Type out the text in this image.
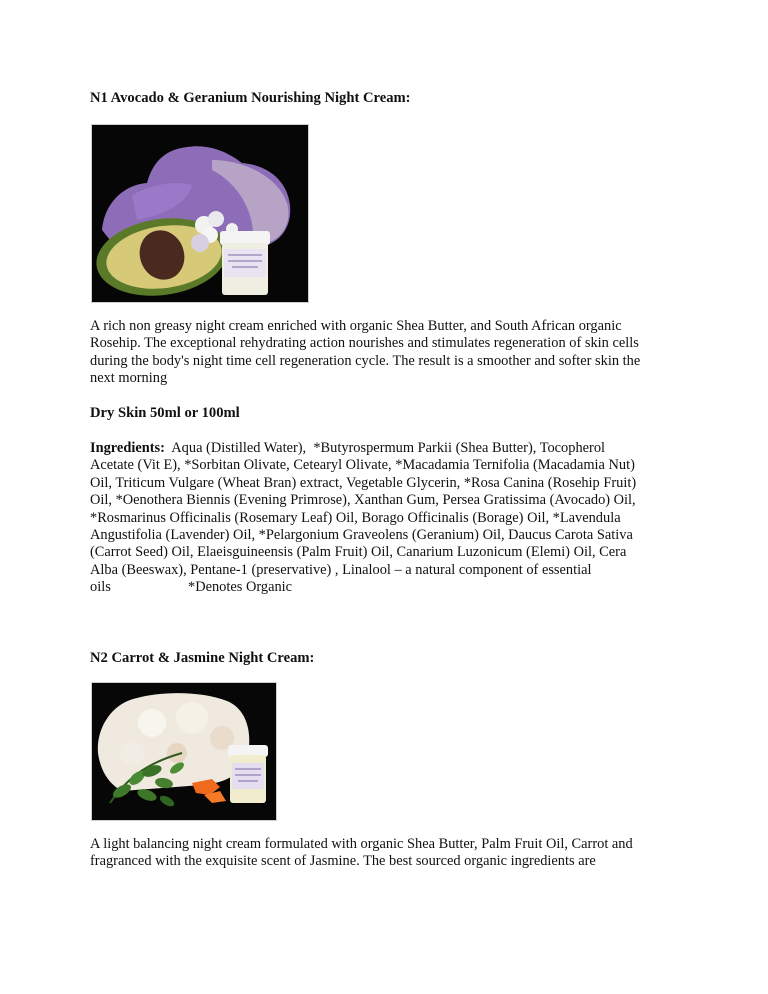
N1 Avocado & Geranium Nourishing Night Cream:
A rich non greasy night cream enriched with organic Shea Butter, and South African organic
Rosehip. The exceptional rehydrating action nourishes and stimulates regeneration of skin cells
during the body's night time cell regeneration cycle. The result is a smoother and softer skin the
next morning
Dry Skin 50ml or 100ml
Ingredients:  Aqua (Distilled Water),  *Butyrospermum Parkii (Shea Butter), Tocopherol
Acetate (Vit E), *Sorbitan Olivate, Cetearyl Olivate, *Macadamia Ternifolia (Macadamia Nut)
Oil, Triticum Vulgare (Wheat Bran) extract, Vegetable Glycerin, *Rosa Canina (Rosehip Fruit)
Oil, *Oenothera Biennis (Evening Primrose), Xanthan Gum, Persea Gratissima (Avocado) Oil,
*Rosmarinus Officinalis (Rosemary Leaf) Oil, Borago Officinalis (Borage) Oil, *Lavendula
Angustifolia (Lavender) Oil, *Pelargonium Graveolens (Geranium) Oil, Daucus Carota Sativa
(Carrot Seed) Oil, Elaeisguineensis (Palm Fruit) Oil, Canarium Luzonicum (Elemi) Oil, Cera
Alba (Beeswax), Pentane-1 (preservative) , Linalool – a natural component of essential
oils	*Denotes Organic
N2 Carrot & Jasmine Night Cream:
A light balancing night cream formulated with organic Shea Butter, Palm Fruit Oil, Carrot and
fragranced with the exquisite scent of Jasmine. The best sourced organic ingredients are
